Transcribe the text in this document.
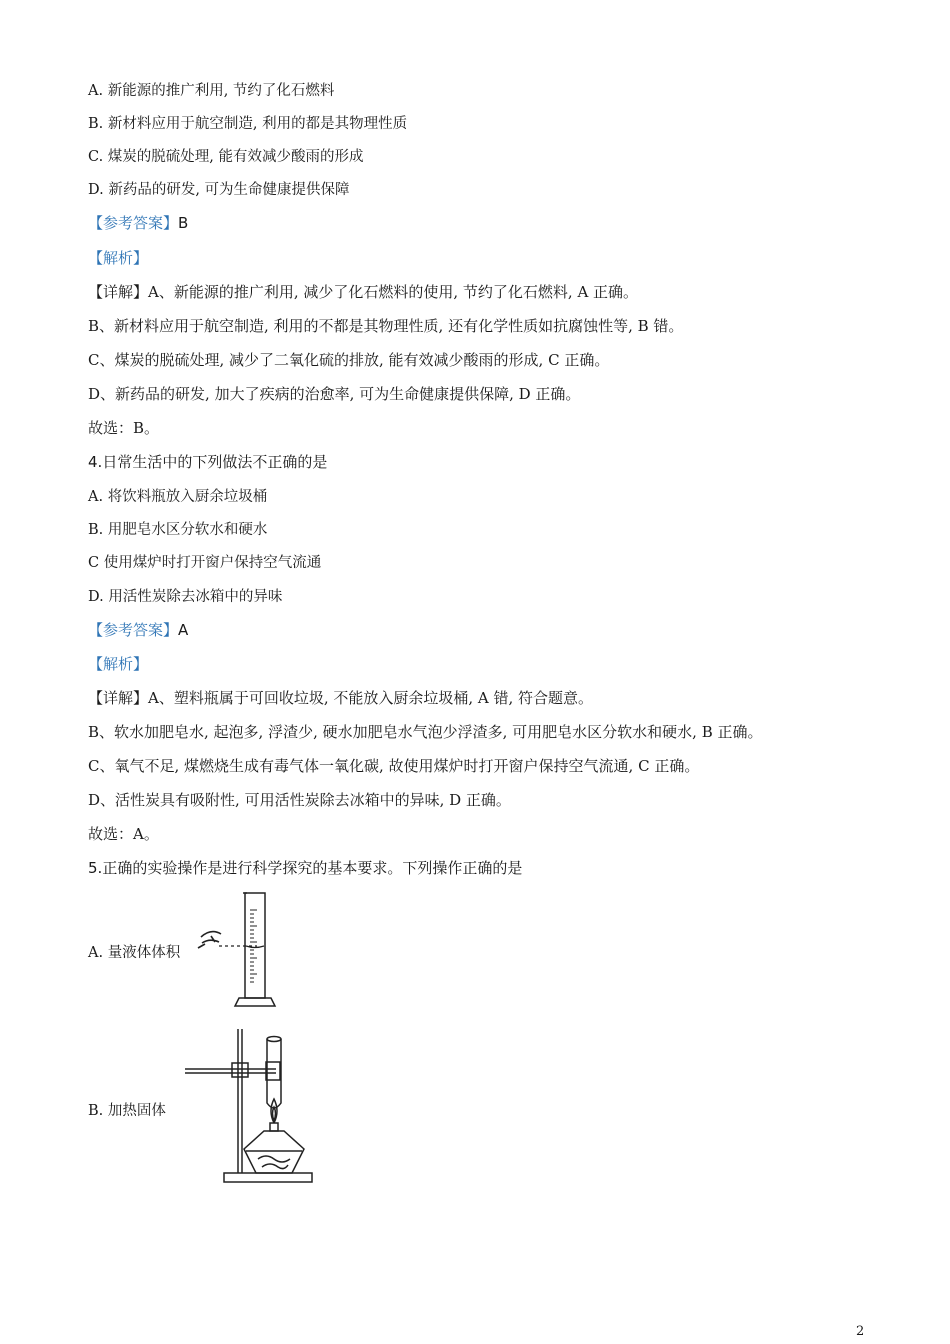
A. 新能源的推广利用, 节约了化石燃料
B. 新材料应用于航空制造, 利用的都是其物理性质
C. 煤炭的脱硫处理, 能有效减少酸雨的形成
D. 新药品的研发, 可为生命健康提供保障
【参考答案】B
【解析】
【详解】A、新能源的推广利用, 减少了化石燃料的使用, 节约了化石燃料, A 正确。
B、新材料应用于航空制造, 利用的不都是其物理性质, 还有化学性质如抗腐蚀性等, B 错。
C、煤炭的脱硫处理, 减少了二氧化硫的排放, 能有效减少酸雨的形成, C 正确。
D、新药品的研发, 加大了疾病的治愈率, 可为生命健康提供保障, D 正确。
故选：B。
4.日常生活中的下列做法不正确的是
A. 将饮料瓶放入厨余垃圾桶
B. 用肥皂水区分软水和硬水
C 使用煤炉时打开窗户保持空气流通
D. 用活性炭除去冰箱中的异味
【参考答案】A
【解析】
【详解】A、塑料瓶属于可回收垃圾, 不能放入厨余垃圾桶, A 错, 符合题意。
B、软水加肥皂水, 起泡多, 浮渣少, 硬水加肥皂水气泡少浮渣多, 可用肥皂水区分软水和硬水, B 正确。
C、氧气不足, 煤燃烧生成有毒气体一氧化碳, 故使用煤炉时打开窗户保持空气流通, C 正确。
D、活性炭具有吸附性, 可用活性炭除去冰箱中的异味, D 正确。
故选：A。
5.正确的实验操作是进行科学探究的基本要求。下列操作正确的是
A. 量液体体积
B. 加热固体
2
